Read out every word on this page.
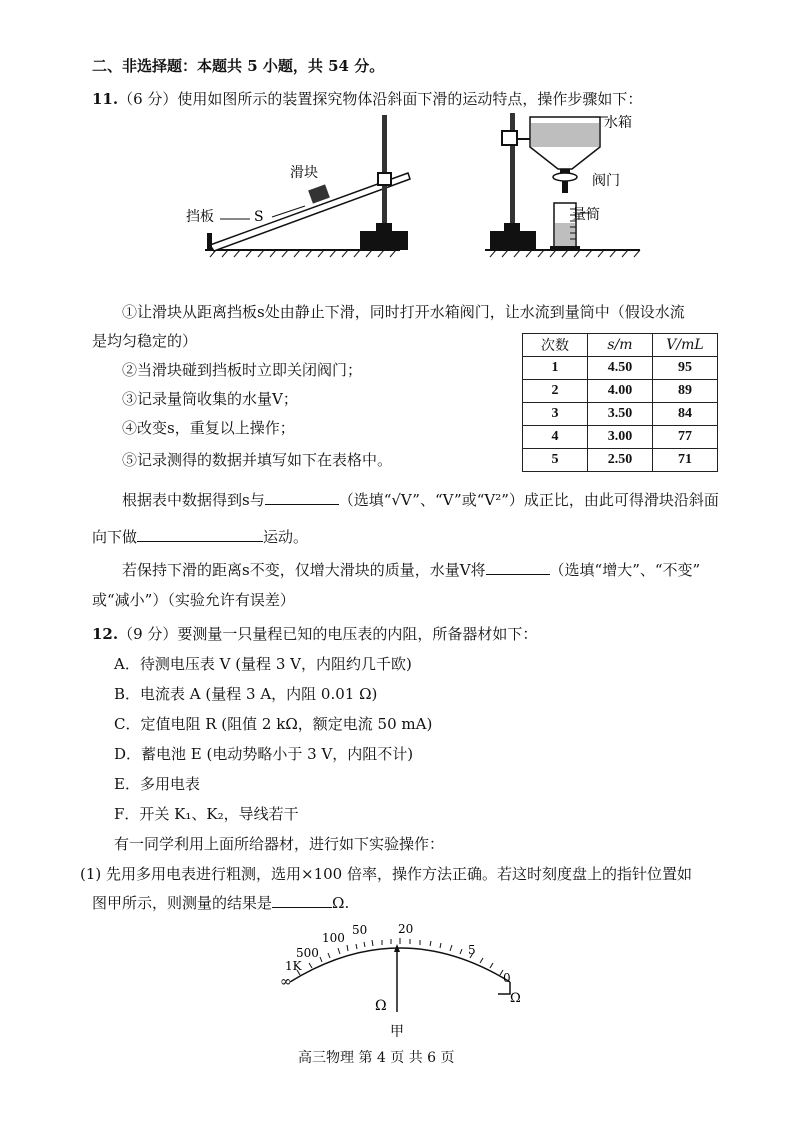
二、非选择题：本题共 5 小题，共 54 分。
11.（6 分）使用如图所示的装置探究物体沿斜面下滑的运动特点，操作步骤如下：
滑块
挡板	S
水箱
阀门
量筒
①让滑块从距离挡板s处由静止下滑，同时打开水箱阀门，让水流到量筒中（假设水流
是均匀稳定的）
②当滑块碰到挡板时立即关闭阀门；
③记录量筒收集的水量V；
④改变s，重复以上操作；
⑤记录测得的数据并填写如下在表格中。
次数	s/m	V/mL
1	4.50	95
2	4.00	89
3	3.50	84
4	3.00	77
5	2.50	71
根据表中数据得到s与	（选填“√V”、“V”或“V²”）成正比，由此可得滑块沿斜面
向下做	运动。
若保持下滑的距离s不变，仅增大滑块的质量，水量V将	（选填“增大”、“不变”
或“减小”）（实验允许有误差）
12.（9 分）要测量一只量程已知的电压表的内阻，所备器材如下：
A．待测电压表 V (量程 3 V，内阻约几千欧)
B．电流表 A (量程 3 A，内阻 0.01 Ω)
C．定值电阻 R (阻值 2 kΩ，额定电流 50 mA)
D．蓄电池 E (电动势略小于 3 V，内阻不计)
E．多用电表
F．开关 K₁、K₂，导线若干
有一同学利用上面所给器材，进行如下实验操作：
(1) 先用多用电表进行粗测，选用×100 倍率，操作方法正确。若这时刻度盘上的指针位置如
图甲所示，则测量的结果是	Ω.
∞
1K
500
100
50	20
5
0
Ω
Ω
甲
高三物理 第 4 页 共 6 页
